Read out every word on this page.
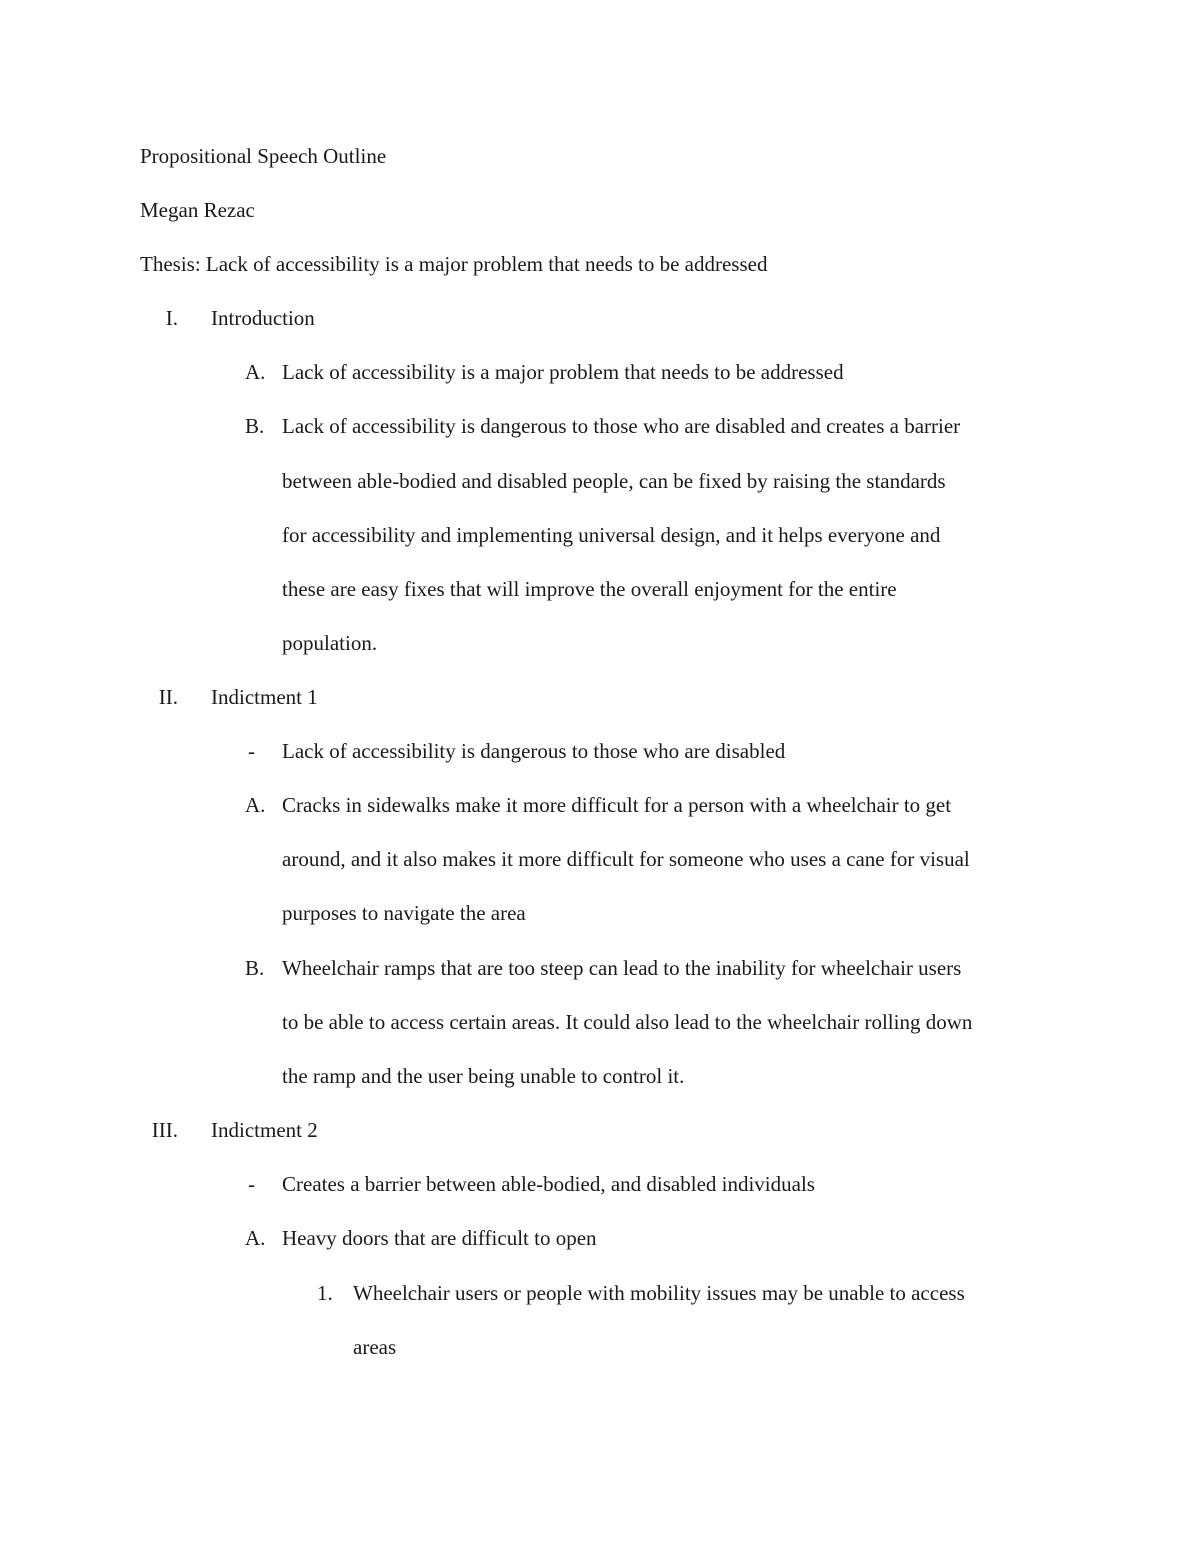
Propositional Speech Outline
Megan Rezac
Thesis: Lack of accessibility is a major problem that needs to be addressed
I. Introduction
A. Lack of accessibility is a major problem that needs to be addressed
B. Lack of accessibility is dangerous to those who are disabled and creates a barrier
between able-bodied and disabled people, can be fixed by raising the standards
for accessibility and implementing universal design, and it helps everyone and
these are easy fixes that will improve the overall enjoyment for the entire
population.
II. Indictment 1
- Lack of accessibility is dangerous to those who are disabled
A. Cracks in sidewalks make it more difficult for a person with a wheelchair to get
around, and it also makes it more difficult for someone who uses a cane for visual
purposes to navigate the area
B. Wheelchair ramps that are too steep can lead to the inability for wheelchair users
to be able to access certain areas. It could also lead to the wheelchair rolling down
the ramp and the user being unable to control it.
III. Indictment 2
- Creates a barrier between able-bodied, and disabled individuals
A. Heavy doors that are difficult to open
1. Wheelchair users or people with mobility issues may be unable to access
areas
